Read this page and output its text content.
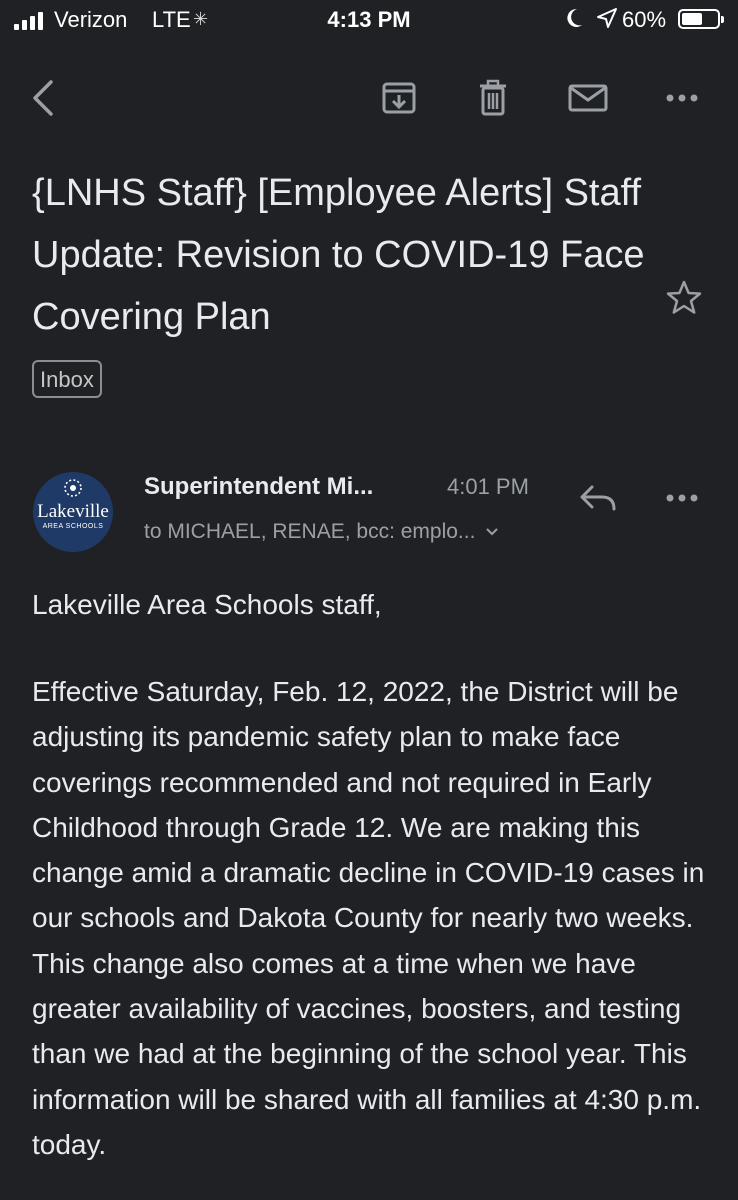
Verizon LTE ✳	4:13 PM	60%
{LNHS Staff} [Employee Alerts] Staff Update: Revision to COVID-19 Face Covering Plan
Inbox
Lakeville
AREA SCHOOLS
Superintendent Mi...	4:01 PM
to MICHAEL, RENAE, bcc: emplo...
Lakeville Area Schools staff,
Effective Saturday, Feb. 12, 2022, the District will be adjusting its pandemic safety plan to make face coverings recommended and not required in Early Childhood through Grade 12. We are making this change amid a dramatic decline in COVID-19 cases in our schools and Dakota County for nearly two weeks. This change also comes at a time when we have greater availability of vaccines, boosters, and testing than we had at the beginning of the school year. This information will be shared with all families at 4:30 p.m. today.
